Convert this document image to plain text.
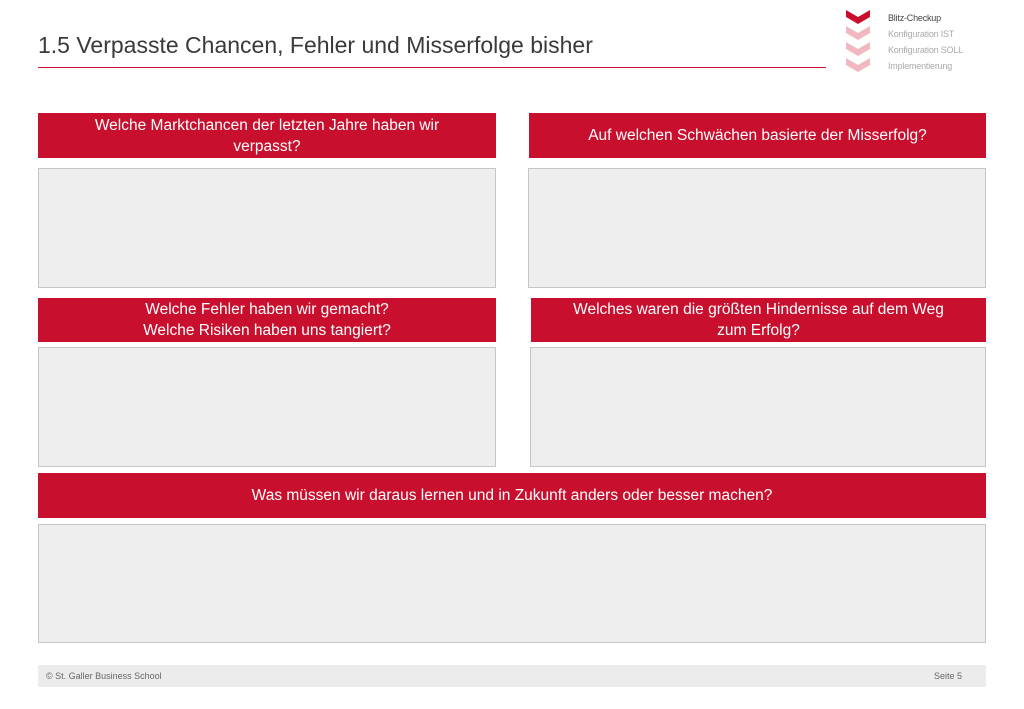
1.5 Verpasste Chancen, Fehler und Misserfolge bisher
Blitz-Checkup
Konfiguration IST
Konfiguration SOLL
Implementierung
Welche Marktchancen der letzten Jahre haben wir
verpasst?
Auf welchen Schwächen basierte der Misserfolg?
Welche Fehler haben wir gemacht?
Welche Risiken haben uns tangiert?
Welches waren die größten Hindernisse auf dem Weg
zum Erfolg?
Was müssen wir daraus lernen und in Zukunft anders oder besser machen?
© St. Galler Business School	Seite 5
